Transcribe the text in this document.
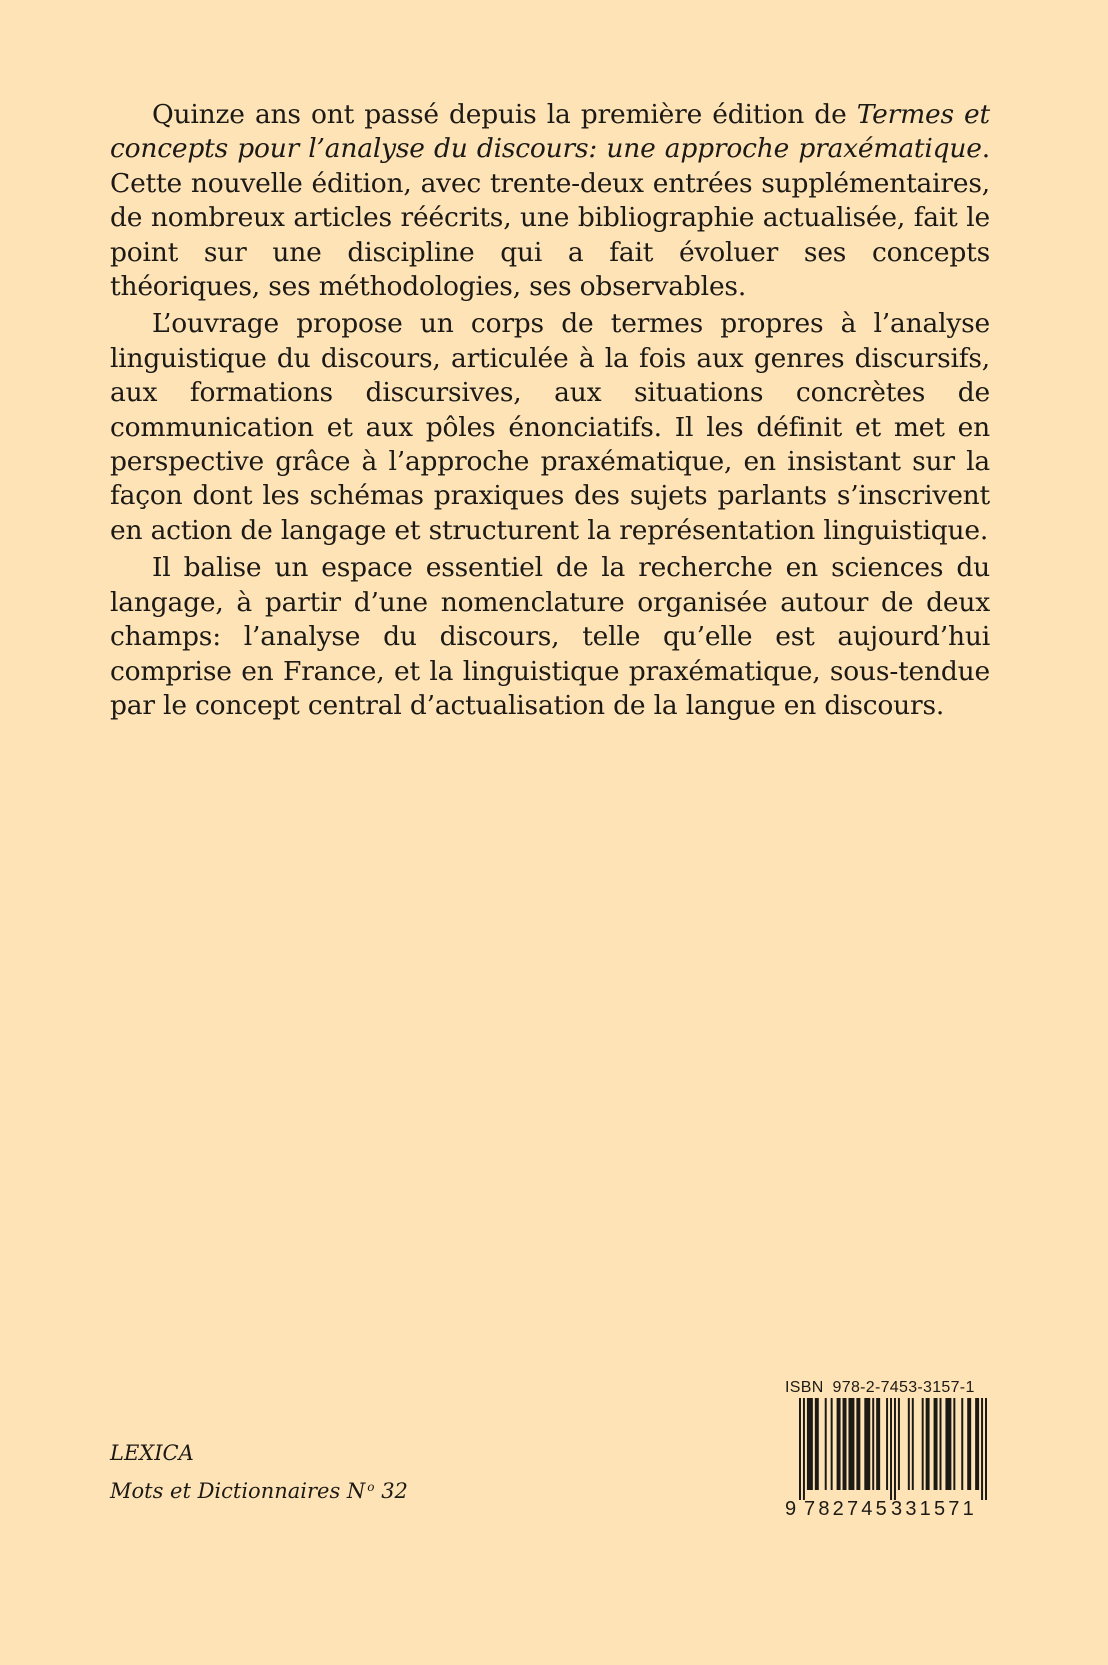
Quinze ans ont passé depuis la première édition de Termes et concepts pour l’analyse du discours: une approche praxématique. Cette nouvelle édition, avec trente-deux entrées supplémentaires, de nombreux articles réécrits, une bibliographie actualisée, fait le point sur une discipline qui a fait évoluer ses concepts théoriques, ses méthodologies, ses observables.

L’ouvrage propose un corps de termes propres à l’analyse linguistique du discours, articulée à la fois aux genres discursifs, aux formations discursives, aux situations concrètes de communication et aux pôles énonciatifs. Il les définit et met en perspective grâce à l’approche praxématique, en insistant sur la façon dont les schémas praxiques des sujets parlants s’inscrivent en action de langage et structurent la représentation linguistique.

Il balise un espace essentiel de la recherche en sciences du langage, à partir d’une nomenclature organisée autour de deux champs: l’analyse du discours, telle qu’elle est aujourd’hui comprise en France, et la linguistique praxématique, sous-tendue par le concept central d’actualisation de la langue en discours.

LEXICA
Mots et Dictionnaires N $^o$ 32
ISBN 978-2-7453-3157-1
9 782745 331571
